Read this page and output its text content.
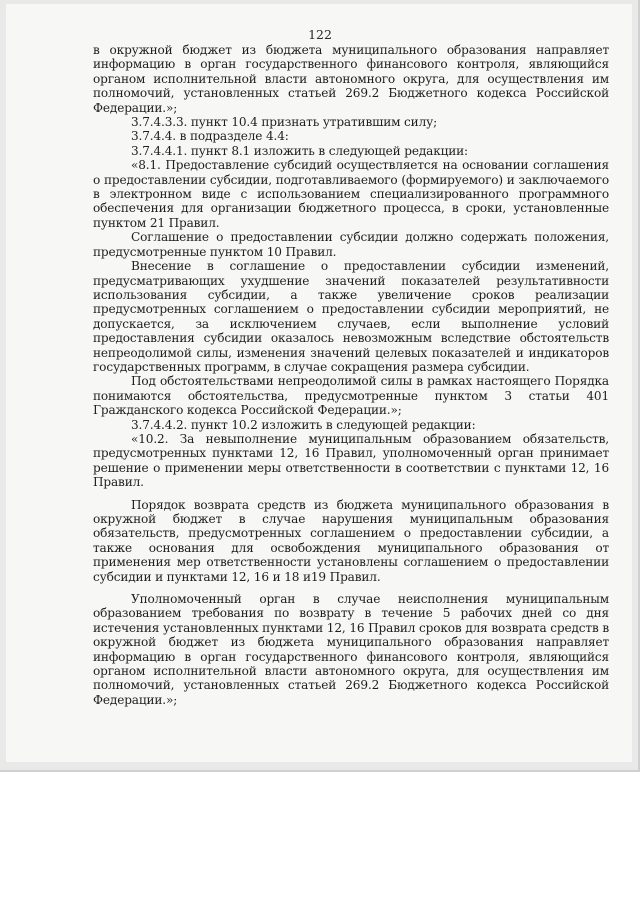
122

в окружной бюджет из бюджета муниципального образования направляет информацию в орган государственного финансового контроля, являющийся органом исполнительной власти автономного округа, для осуществления им полномочий, установленных статьей 269.2 Бюджетного кодекса Российской Федерации.»;

3.7.4.3.3. пункт 10.4 признать утратившим силу;

3.7.4.4. в подразделе 4.4:

3.7.4.4.1. пункт 8.1 изложить в следующей редакции:

«8.1. Предоставление субсидий осуществляется на основании соглашения о предоставлении субсидии, подготавливаемого (формируемого) и заключаемого в электронном виде с использованием специализированного программного обеспечения для организации бюджетного процесса, в сроки, установленные пунктом 21 Правил.

Соглашение о предоставлении субсидии должно содержать положения, предусмотренные пунктом 10 Правил.

Внесение в соглашение о предоставлении субсидии изменений, предусматривающих ухудшение значений показателей результативности использования субсидии, а также увеличение сроков реализации предусмотренных соглашением о предоставлении субсидии мероприятий, не допускается, за исключением случаев, если выполнение условий предоставления субсидии оказалось невозможным вследствие обстоятельств непреодолимой силы, изменения значений целевых показателей и индикаторов государственных программ, в случае сокращения размера субсидии.

Под обстоятельствами непреодолимой силы в рамках настоящего Порядка понимаются обстоятельства, предусмотренные пунктом 3 статьи 401 Гражданского кодекса Российской Федерации.»;

3.7.4.4.2. пункт 10.2 изложить в следующей редакции:

«10.2. За невыполнение муниципальным образованием обязательств, предусмотренных пунктами 12, 16 Правил, уполномоченный орган принимает решение о применении меры ответственности в соответствии с пунктами 12, 16 Правил.

Порядок возврата средств из бюджета муниципального образования в окружной бюджет в случае нарушения муниципальным образования обязательств, предусмотренных соглашением о предоставлении субсидии, а также основания для освобождения муниципального образования от применения мер ответственности установлены соглашением о предоставлении субсидии и пунктами 12, 16 и 18 и19 Правил.

Уполномоченный орган в случае неисполнения муниципальным образованием требования по возврату в течение 5 рабочих дней со дня истечения установленных пунктами 12, 16 Правил сроков для возврата средств в окружной бюджет из бюджета муниципального образования направляет информацию в орган государственного финансового контроля, являющийся органом исполнительной власти автономного округа, для осуществления им полномочий, установленных статьей 269.2 Бюджетного кодекса Российской Федерации.»;
